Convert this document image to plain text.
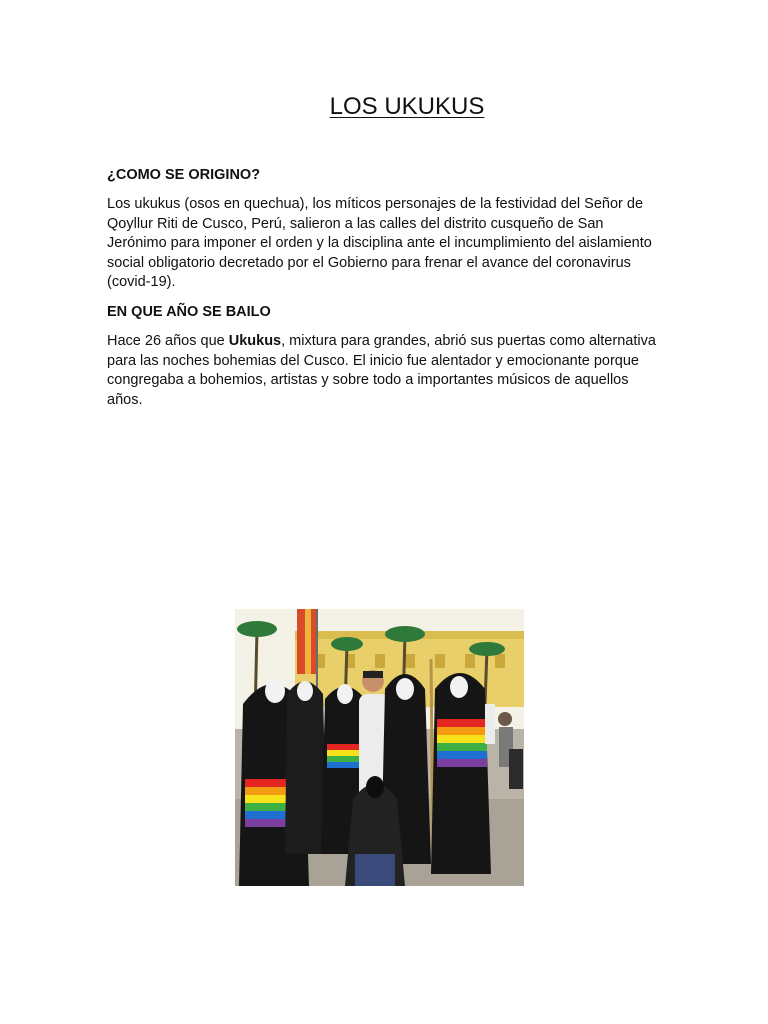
LOS UKUKUS
¿COMO SE ORIGINO?

Los ukukus (osos en quechua), los míticos personajes de la festividad del Señor de Qoyllur Riti de Cusco, Perú, salieron a las calles del distrito cusqueño de San Jerónimo para imponer el orden y la disciplina ante el incumplimiento del aislamiento social obligatorio decretado por el Gobierno para frenar el avance del coronavirus (covid-19).

EN QUE AÑO SE BAILO

Hace 26 años que Ukukus, mixtura para grandes, abrió sus puertas como alternativa para las noches bohemias del Cusco. El inicio fue alentador y emocionante porque congregaba a bohemios, artistas y sobre todo a importantes músicos de aquellos años.
